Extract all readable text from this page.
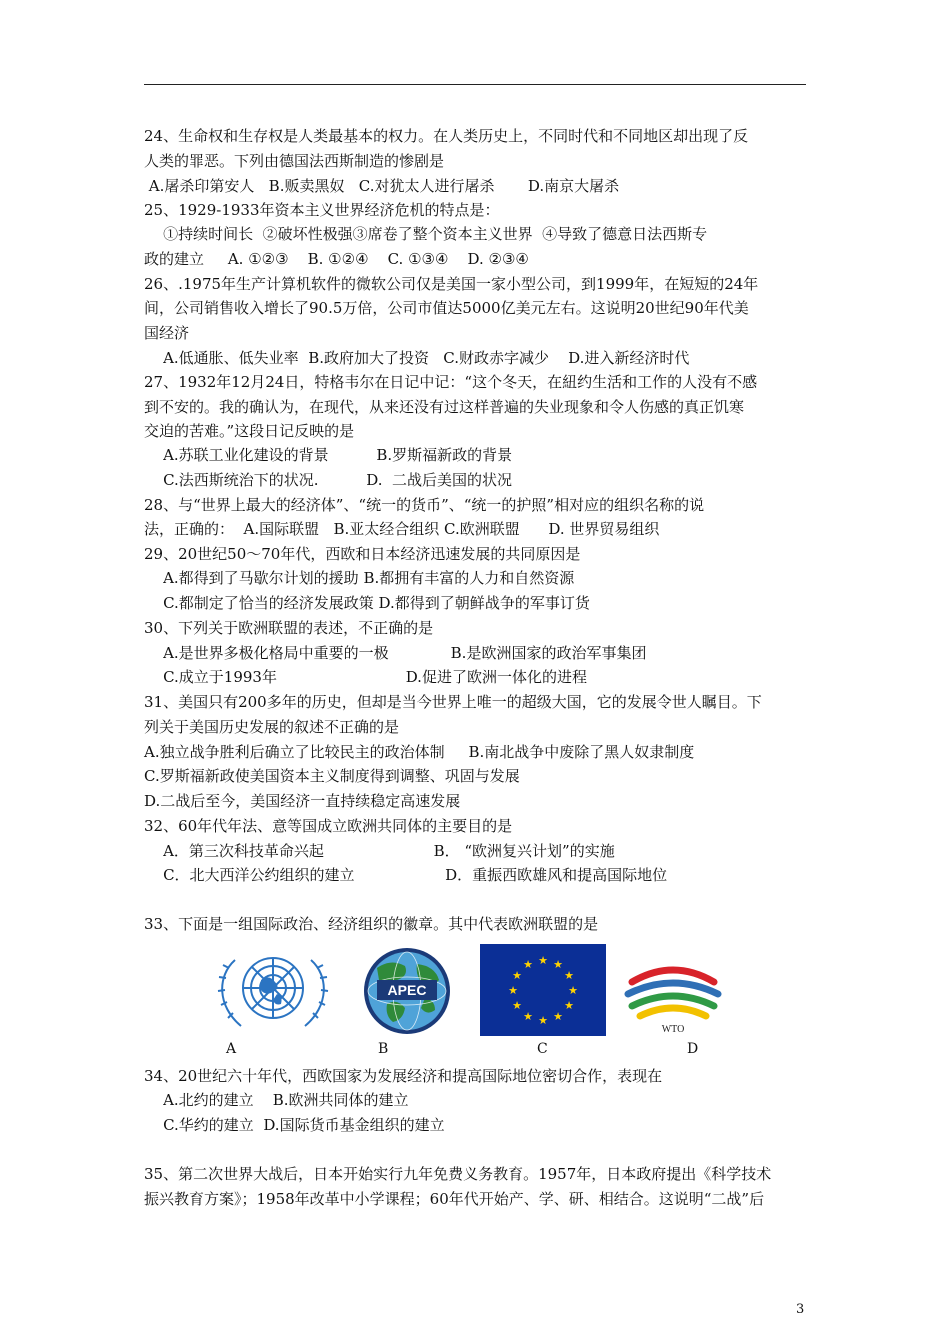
24、生命权和生存权是人类最基本的权力。在人类历史上，不同时代和不同地区却出现了反
人类的罪恶。下列由德国法西斯制造的惨剧是
A.屠杀印第安人   B.贩卖黑奴   C.对犹太人进行屠杀       D.南京大屠杀
25、1929-1933年资本主义世界经济危机的特点是：
①持续时间长  ②破坏性极强③席卷了整个资本主义世界  ④导致了德意日法西斯专
政的建立     A. ①②③    B. ①②④    C. ①③④    D. ②③④
26、.1975年生产计算机软件的微软公司仅是美国一家小型公司，到1999年，在短短的24年
间，公司销售收入增长了90.5万倍，公司市值达5000亿美元左右。这说明20世纪90年代美
国经济
A.低通胀、低失业率  B.政府加大了投资   C.财政赤字减少    D.进入新经济时代
27、1932年12月24日，特格韦尔在日记中记：“这个冬天，在紐约生活和工作的人没有不感
到不安的。我的确认为，在现代，从来还没有过这样普遍的失业现象和令人伤感的真正饥寒
交迫的苦难。”这段日记反映的是
A.苏联工业化建设的背景          B.罗斯福新政的背景
C.法西斯统治下的状况.          D.  二战后美国的状况
28、与“世界上最大的经济体”、“统一的货币”、“统一的护照”相对应的组织名称的说
法，正确的：  A.国际联盟   B.亚太经合组织 C.欧洲联盟      D. 世界贸易组织
29、20世纪50～70年代，西欧和日本经济迅速发展的共同原因是
A.都得到了马歇尔计划的援助 B.都拥有丰富的人力和自然资源
C.都制定了恰当的经济发展政策 D.都得到了朝鲜战争的军事订货
30、下列关于欧洲联盟的表述，不正确的是
A.是世界多极化格局中重要的一极             B.是欧洲国家的政治军事集团
C.成立于1993年                           D.促进了欧洲一体化的进程
31、美国只有200多年的历史，但却是当今世界上唯一的超级大国，它的发展令世人瞩目。下
列关于美国历史发展的叙述不正确的是
A.独立战争胜利后确立了比较民主的政治体制     B.南北战争中废除了黑人奴隶制度
C.罗斯福新政使美国资本主义制度得到调整、巩固与发展
D.二战后至今，美国经济一直持续稳定高速发展
32、60年代年法、意等国成立欧洲共同体的主要目的是
A．第三次科技革命兴起                       B． “欧洲复兴计划”的实施
C．北大西洋公约组织的建立                   D．重振西欧雄风和提高国际地位
33、下面是一组国际政治、经济组织的徽章。其中代表欧洲联盟的是
APEC
★ ★
★
★
★
★
★
★
★
★
★
★
WTO
A	B	C	D
34、20世纪六十年代，西欧国家为发展经济和提高国际地位密切合作，表现在
A.北约的建立    B.欧洲共同体的建立
C.华约的建立  D.国际货币基金组织的建立
35、第二次世界大战后，日本开始实行九年免费义务教育。1957年，日本政府提出《科学技术
振兴教育方案》；1958年改革中小学课程；60年代开始产、学、研、相结合。这说明“二战”后
3
